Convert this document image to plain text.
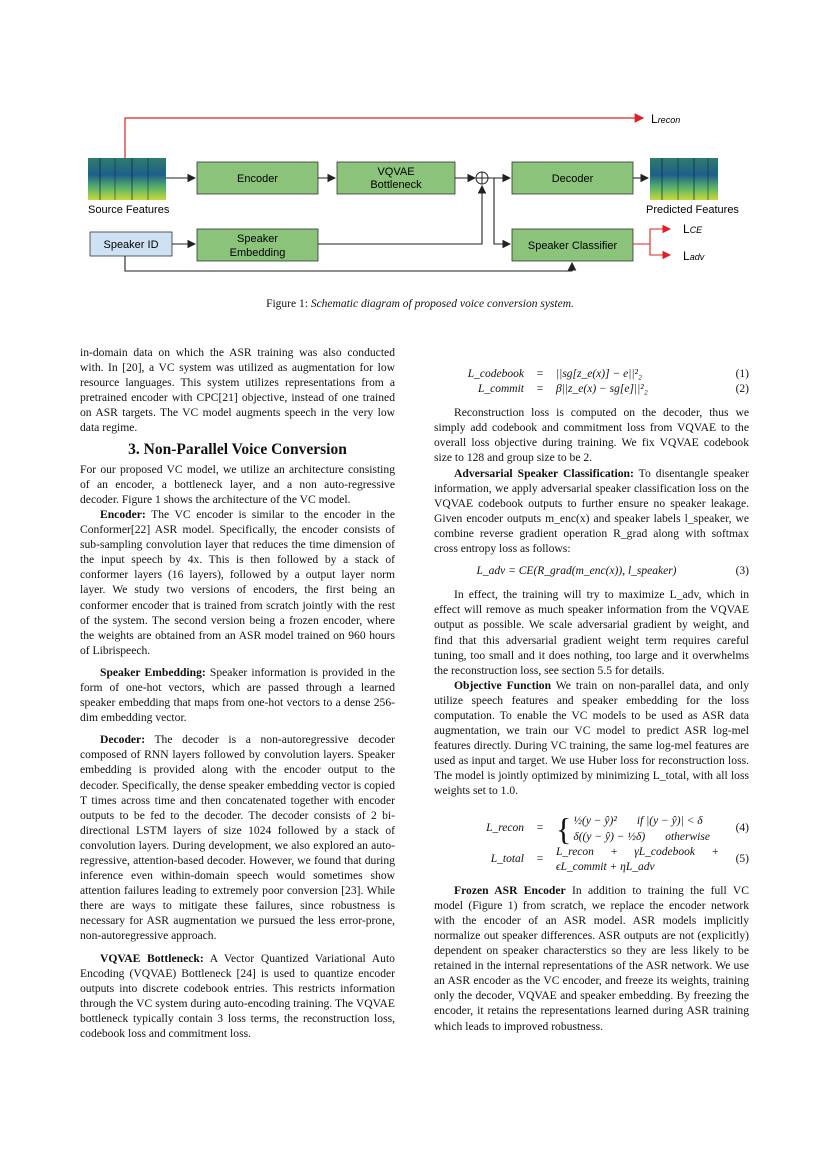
Lrecon
Source Features
Encoder
VQVAE
Bottleneck	Decoder
Predicted Features
Speaker ID	Speaker
Embedding
Speaker Classifier
LCE
Ladv
Figure 1: Schematic diagram of proposed voice conversion system.

in-domain data on which the ASR training was also conducted with. In [20], a VC system was utilized as augmentation for low resource languages. This system utilizes representations from a pretrained encoder with CPC[21] objective, instead of one trained on ASR targets. The VC model augments speech in the very low data regime.

3. Non-Parallel Voice Conversion

For our proposed VC model, we utilize an architecture consisting of an encoder, a bottleneck layer, and a non auto-regressive decoder. Figure 1 shows the architecture of the VC model.

Encoder: The VC encoder is similar to the encoder in the Conformer[22] ASR model. Specifically, the encoder consists of sub-sampling convolution layer that reduces the time dimension of the input speech by 4x. This is then followed by a stack of conformer layers (16 layers), followed by a output layer norm layer. We study two versions of encoders, the first being an conformer encoder that is trained from scratch jointly with the rest of the system. The second version being a frozen encoder, where the weights are obtained from an ASR model trained on 960 hours of Librispeech.

Speaker Embedding: Speaker information is provided in the form of one-hot vectors, which are passed through a learned speaker embedding that maps from one-hot vectors to a dense 256-dim embedding vector.

Decoder: The decoder is a non-autoregressive decoder composed of RNN layers followed by convolution layers. Speaker embedding is provided along with the encoder output to the decoder. Specifically, the dense speaker embedding vector is copied T times across time and then concatenated together with encoder outputs to be fed to the decoder. The decoder consists of 2 bi-directional LSTM layers of size 1024 followed by a stack of convolution layers. During development, we also explored an auto-regressive, attention-based decoder. However, we found that during inference even within-domain speech would sometimes show attention failures leading to extremely poor conversion [23]. While there are ways to mitigate these failures, since robustness is necessary for ASR augmentation we pursued the less error-prone, non-autoregressive approach.

VQVAE Bottleneck: A Vector Quantized Variational Auto Encoding (VQVAE) Bottleneck [24] is used to quantize encoder outputs into discrete codebook entries. This restricts information through the VC system during auto-encoding training. The VQVAE bottleneck typically contain 3 loss terms, the reconstruction loss, codebook loss and commitment loss.

L_codebook	=	||sg[z_e(x)] − e||²₂	(1)
L_commit	=	β||z_e(x) − sg[e]||²₂	(2)

Reconstruction loss is computed on the decoder, thus we simply add codebook and commitment loss from VQVAE to the overall loss objective during training. We fix VQVAE codebook size to 128 and group size to be 2.

Adversarial Speaker Classification: To disentangle speaker information, we apply adversarial speaker classification loss on the VQVAE codebook outputs to further ensure no speaker leakage. Given encoder outputs m_enc(x) and speaker labels l_speaker, we combine reverse gradient operation R_grad along with softmax cross entropy loss as follows:

L_adv = CE(R_grad(m_enc(x)), l_speaker)	(3)

In effect, the training will try to maximize L_adv, which in effect will remove as much speaker information from the VQVAE output as possible. We scale adversarial gradient by weight, and find that this adversarial gradient weight term requires careful tuning, too small and it does nothing, too large and it overwhelms the reconstruction loss, see section 5.5 for details.

Objective Function We train on non-parallel data, and only utilize speech features and speaker embedding for the loss computation. To enable the VC models to be used as ASR data augmentation, we train our VC model to predict ASR log-mel features directly. During VC training, the same log-mel features are used as input and target. We use Huber loss for reconstruction loss. The model is jointly optimized by minimizing L_total, with all loss weights set to 1.0.

L_recon	= { ½(y − ŷ)² if |(y − ŷ)| < δ
δ((y − ŷ) − ½δ) otherwise
(4)
L_total	=
L_recon + γL_codebook + ϵL_commit + ηL_adv
(5)

Frozen ASR Encoder In addition to training the full VC model (Figure 1) from scratch, we replace the encoder network with the encoder of an ASR model. ASR models implicitly normalize out speaker differences. ASR outputs are not (explicitly) dependent on speaker characterstics so they are less likely to be retained in the internal representations of the ASR network. We use an ASR encoder as the VC encoder, and freeze its weights, training only the decoder, VQVAE and speaker embedding. By freezing the encoder, it retains the representations learned during ASR training which leads to improved robustness.
